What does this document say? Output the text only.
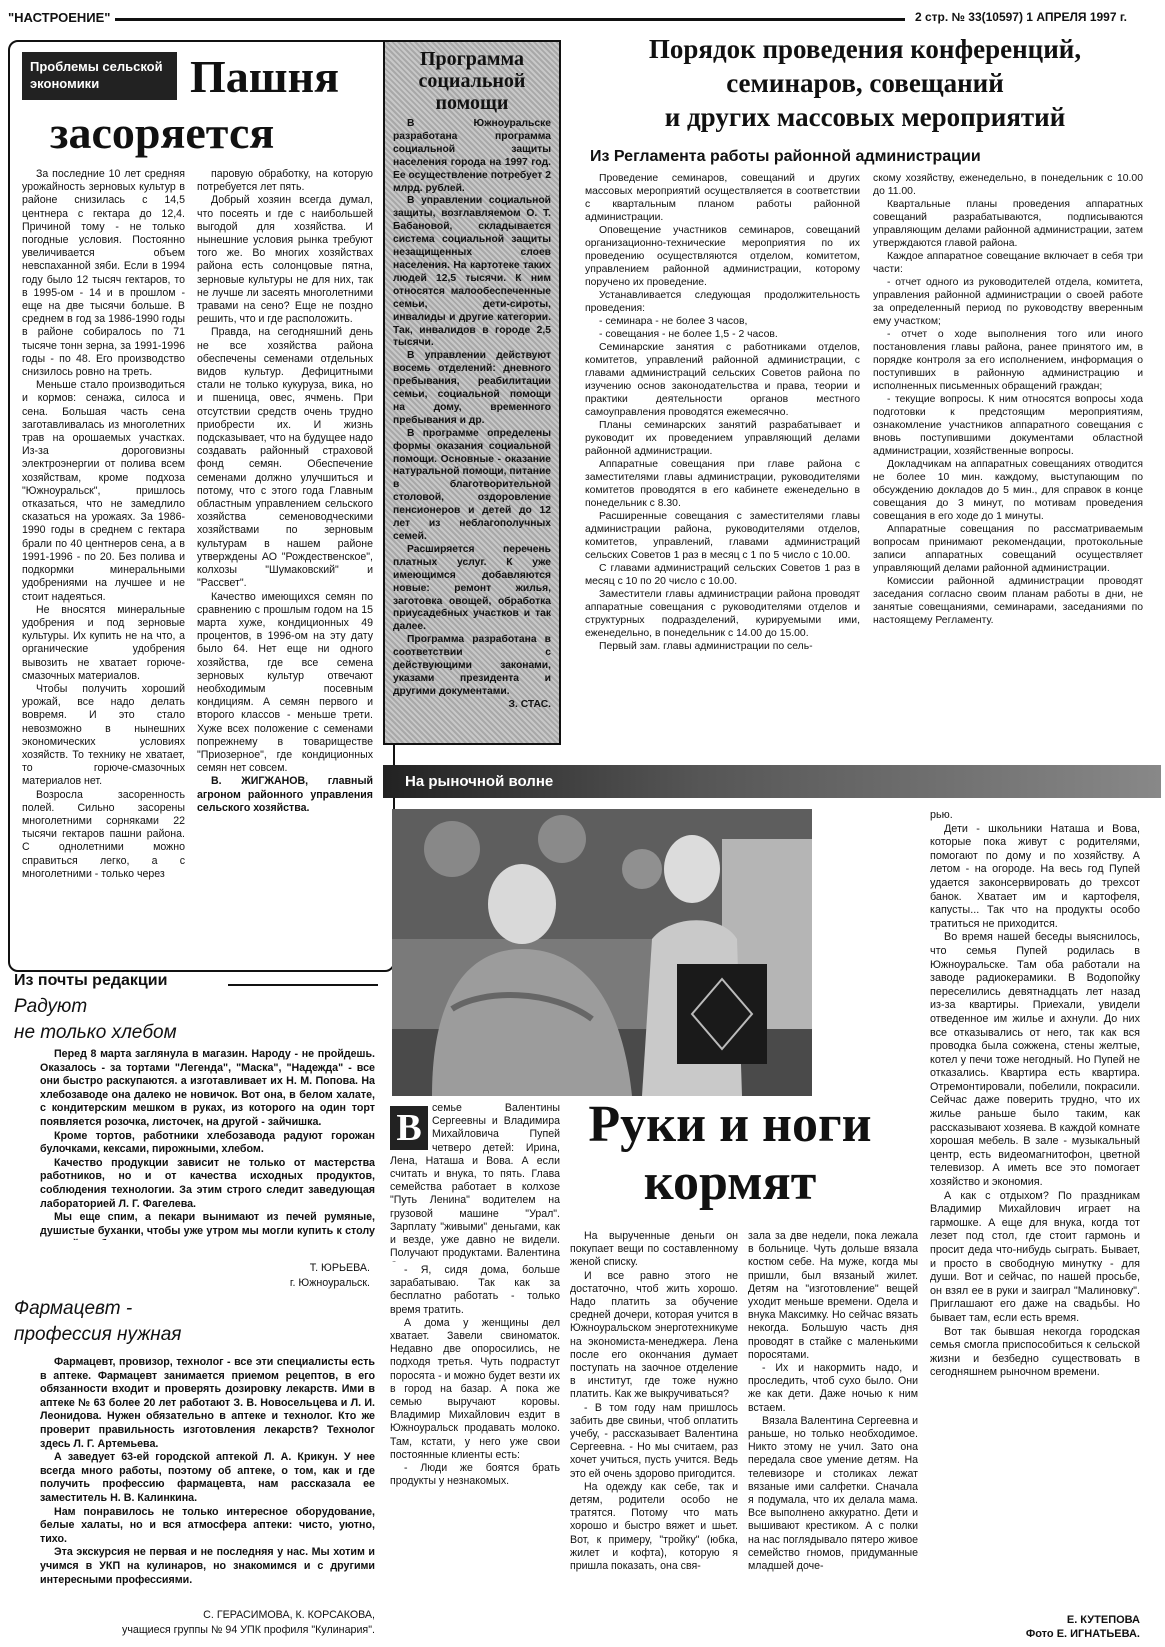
"НАСТРОЕНИЕ"	2 стр. № 33(10597) 1 АПРЕЛЯ 1997 г.
Проблемы сельской экономики	Пашня
засоряется

За последние 10 лет средняя урожайность зерновых культур в районе снизилась с 14,5 центнера с гектара до 12,4. Причиной тому - не только погодные условия. Постоянно увеличивается объем невспаханной зяби. Если в 1994 году было 12 тысяч гектаров, то в 1995-ом - 14 и в прошлом - еще на две тысячи больше. В среднем в год за 1986-1990 годы в районе собиралось по 71 тысяче тонн зерна, за 1991-1996 годы - по 48. Его производство снизилось ровно на треть.

Меньше стало производиться и кормов: сенажа, силоса и сена. Большая часть сена заготавливалась из многолетних трав на орошаемых участках. Из-за дороговизны электроэнергии от полива всем хозяйствам, кроме подхоза "Южноуральск", пришлось отказаться, что не замедлило сказаться на урожаях. За 1986-1990 годы в среднем с гектара брали по 40 центнеров сена, а в 1991-1996 - по 20. Без полива и подкормки минеральными удобрениями на лучшее и не стоит надеяться.

Не вносятся минеральные удобрения и под зерновые культуры. Их купить не на что, а органические удобрения вывозить не хватает горюче-смазочных материалов.

Чтобы получить хороший урожай, все надо делать вовремя. И это стало невозможно в нынешних экономических условиях хозяйств. То технику не хватает, то горюче-смазочных материалов нет.

Возросла засоренность полей. Сильно засорены многолетними сорняками 22 тысячи гектаров пашни района. С однолетними можно справиться легко, а с многолетними - только через

паровую обработку, на которую потребуется лет пять.

Добрый хозяин всегда думал, что посеять и где с наибольшей выгодой для хозяйства. И нынешние условия рынка требуют того же. Во многих хозяйствах района есть солонцовые пятна, зерновые культуры не для них, так не лучше ли засеять многолетними травами на сено? Еще не поздно решить, что и где расположить.

Правда, на сегодняшний день не все хозяйства района обеспечены семенами отдельных видов культур. Дефицитными стали не только кукуруза, вика, но и пшеница, овес, ячмень. При отсутствии средств очень трудно приобрести их. И жизнь подсказывает, что на будущее надо создавать районный страховой фонд семян. Обеспечение семенами должно улучшиться и потому, что с этого года Главным областным управлением сельского хозяйства семеноводческими хозяйствами по зерновым культурам в нашем районе утверждены АО "Рождественское", колхозы "Шумаковский" и "Рассвет".

Качество имеющихся семян по сравнению с прошлым годом на 15 марта хуже, кондиционных 49 процентов, в 1996-ом на эту дату было 64. Нет еще ни одного хозяйства, где все семена зерновых культур отвечают необходимым посевным кондициям. А семян первого и второго классов - меньше трети. Хуже всех положение с семенами попрежнему в товариществе "Приозерное", где кондиционных семян нет совсем.

В. ЖИГЖАНОВ, главный агроном районного управления сельского хозяйства.

Программа социальной помощи

В Южноуральске разработана программа социальной защиты населения города на 1997 год. Ее осуществление потребует 2 млрд. рублей.

В управлении социальной защиты, возглавляемом О. Т. Бабановой, складывается система социальной защиты незащищенных слоев населения. На картотеке таких людей 12,5 тысячи. К ним относятся малообеспеченные семьи, дети-сироты, инвалиды и другие категории. Так, инвалидов в городе 2,5 тысячи.

В управлении действуют восемь отделений: дневного пребывания, реабилитации семьи, социальной помощи на дому, временного пребывания и др.

В программе определены формы оказания социальной помощи. Основные - оказание натуральной помощи, питание в благотворительной столовой, оздоровление пенсионеров и детей до 12 лет из неблагополучных семей.

Расширяется перечень платных услуг. К уже имеющимся добавляются новые: ремонт жилья, заготовка овощей, обработка приусадебных участков и так далее.

Программа разработана в соответствии с действующими законами, указами президента и другими документами.

З. СТАС.

Порядок проведения конференций,
семинаров, совещаний
и других массовых мероприятий
Из Регламента работы районной администрации

Проведение семинаров, совещаний и других массовых мероприятий осуществляется в соответствии с квартальным планом работы районной администрации.

Оповещение участников семинаров, совещаний организационно-технические мероприятия по их проведению осуществляются отделом, комитетом, управлением районной администрации, которому поручено их проведение.

Устанавливается следующая продолжительность проведения:

- семинара - не более 3 часов,

- совещания - не более 1,5 - 2 часов.

Семинарские занятия с работниками отделов, комитетов, управлений районной администрации, с главами администраций сельских Советов района по изучению основ законодательства и права, теории и практики деятельности органов местного самоуправления проводятся ежемесячно.

Планы семинарских занятий разрабатывает и руководит их проведением управляющий делами районной администрации.

Аппаратные совещания при главе района с заместителями главы администрации, руководителями комитетов проводятся в его кабинете еженедельно в понедельник с 8.30.

Расширенные совещания с заместителями главы администрации района, руководителями отделов, комитетов, управлений, главами администраций сельских Советов 1 раз в месяц с 1 по 5 число с 10.00.

С главами администраций сельских Советов 1 раз в месяц с 10 по 20 число с 10.00.

Заместители главы администрации района проводят аппаратные совещания с руководителями отделов и структурных подразделений, курируемыми ими, еженедельно, в понедельник с 14.00 до 15.00.

Первый зам. главы администрации по сель-

скому хозяйству, еженедельно, в понедельник с 10.00 до 11.00.

Квартальные планы проведения аппаратных совещаний разрабатываются, подписываются управляющим делами районной администрации, затем утверждаются главой района.

Каждое аппаратное совещание включает в себя три части:

- отчет одного из руководителей отдела, комитета, управления районной администрации о своей работе за определенный период по руководству вверенным ему участком;

- отчет о ходе выполнения того или иного постановления главы района, ранее принятого им, в порядке контроля за его исполнением, информация о поступивших в районную администрацию и исполненных письменных обращений граждан;

- текущие вопросы. К ним относятся вопросы хода подготовки к предстоящим мероприятиям, ознакомление участников аппаратного совещания с вновь поступившими документами областной администрации, хозяйственные вопросы.

Докладчикам на аппаратных совещаниях отводится не более 10 мин. каждому, выступающим по обсуждению докладов до 5 мин., для справок в конце совещания до 3 минут, по мотивам проведения совещания в его ходе до 1 минуты.

Аппаратные совещания по рассматриваемым вопросам принимают рекомендации, протокольные записи аппаратных совещаний осуществляет управляющий делами районной администрации.

Комиссии районной администрации проводят заседания согласно своим планам работы в дни, не занятые совещаниями, семинарами, заседаниями по настоящему Регламенту.

На рыночной волне
Руки и ноги
кормят
В семье Валентины Сергеевны и Владимира Михайловича Пупей четверо детей: Ирина, Лена, Наташа и Вова. А если считать и внука, то пять. Глава семейства работает в колхозе "Путь Ленина" водителем на грузовой машине "Урал". Зарплату "живыми" деньгами, как и везде, уже давно не видели. Получают продуктами. Валентина

- Я, сидя дома, больше зарабатываю. Так как за бесплатно работать - только время тратить.

А дома у женщины дел хватает. Завели свиноматок. Недавно две опоросились, не подходя третья. Чуть подрастут поросята - и можно будет везти их в город на базар. А пока же семью выручают коровы. Владимир Михайлович ездит в Южноуральск продавать молоко. Там, кстати, у него уже свои постоянные клиенты есть:

- Люди же боятся брать продукты у незнакомых.

На вырученные деньги он покупает вещи по составленному женой списку.

И все равно этого не достаточно, чтоб жить хорошо. Надо платить за обучение средней дочери, которая учится в Южноуральском энерготехникуме на экономиста-менеджера. Лена после его окончания думает поступать на заочное отделение в институт, где тоже нужно платить. Как же выкручиваться?

- В том году нам пришлось забить две свиньи, чтоб оплатить учебу, - рассказывает Валентина Сергеевна. - Но мы считаем, раз хочет учиться, пусть учится. Ведь это ей очень здорово пригодится.

На одежду как себе, так и детям, родители особо не тратятся. Потому что мать хорошо и быстро вяжет и шьет. Вот, к примеру, "тройку" (юбка, жилет и кофта), которую я пришла показать, она свя-

зала за две недели, пока лежала в больнице. Чуть дольше вязала костюм себе. На муже, когда мы пришли, был вязаный жилет. Детям на "изготовление" вещей уходит меньше времени. Одела и внука Максимку. Но сейчас вязать некогда. Большую часть дня проводят в стайке с маленькими поросятами.

- Их и накормить надо, и проследить, чтоб сухо было. Они же как дети. Даже ночью к ним встаем.

Вязала Валентина Сергеевна и раньше, но только необходимое. Никто этому не учил. Зато она передала свое умение детям. На телевизоре и столиках лежат вязаные ими салфетки. Сначала я подумала, что их делала мама. Все выполнено аккуратно. Дети и вышивают крестиком. А с полки на нас поглядывало пятеро живое семейство гномов, придуманные младшей доче-

рью.

Дети - школьники Наташа и Вова, которые пока живут с родителями, помогают по дому и по хозяйству. А летом - на огороде. На весь год Пупей удается законсервировать до трехсот банок. Хватает им и картофеля, капусты... Так что на продукты особо тратиться не приходится.

Во время нашей беседы выяснилось, что семья Пупей родилась в Южноуральске. Там оба работали на заводе радиокерамики. В Водопойку переселились девятнадцать лет назад из-за квартиры. Приехали, увидели отведенное им жилье и ахнули. До них все отказывались от него, так как вся проводка была сожжена, стены желтые, котел у печи тоже негодный. Но Пупей не отказались. Квартира есть квартира. Отремонтировали, побелили, покрасили. Сейчас даже поверить трудно, что их жилье раньше было таким, как рассказывают хозяева. В каждой комнате хорошая мебель. В зале - музыкальный центр, есть видеомагнитофон, цветной телевизор. А иметь все это помогает хозяйство и экономия.

А как с отдыхом? По праздникам Владимир Михайлович играет на гармошке. А еще для внука, когда тот лезет под стол, где стоит гармонь и просит деда что-нибудь сыграть. Бывает, и просто в свободную минутку - для души. Вот и сейчас, по нашей просьбе, он взял ее в руки и заиграл "Малиновку". Приглашают его даже на свадьбы. Но бывает там, если есть время.

Вот так бывшая некогда городская семья смогла приспособиться к сельской жизни и безбедно существовать в сегодняшнем рыночном времени.

Е. КУТЕПОВА
Фото Е. ИГНАТЬЕВА.
Из почты редакции
Радуют
не только хлебом

Перед 8 марта заглянула в магазин. Народу - не пройдешь. Оказалось - за тортами "Легенда", "Маска", "Надежда" - все они быстро раскупаются. а изготавливает их Н. М. Попова. На хлебозаводе она далеко не новичок. Вот она, в белом халате, с кондитерским мешком в руках, из которого на один торт появляется розочка, листочек, на другой - зайчишка.

Кроме тортов, работники хлебозавода радуют горожан булочками, кексами, пирожными, хлебом.

Качество продукции зависит не только от мастерства работников, но и от качества исходных продуктов, соблюдения технологии. За этим строго следит заведующая лабораторией Л. Г. Фагелева.

Мы еще спим, а пекари вынимают из печей румяные, душистые буханки, чтобы уже утром мы могли купить к столу

Т. ЮРЬЕВА.
г. Южноуральск.
Фармацевт -
профессия нужная

Фармацевт, провизор, технолог - все эти специалисты есть в аптеке. Фармацевт занимается приемом рецептов, в его обязанности входит и проверять дозировку лекарств. Ими в аптеке № 63 более 20 лет работают З. В. Новосельцева и Л. И. Леонидова. Нужен обязательно в аптеке и технолог. Кто же проверит правильность изготовления лекарств? Технолог здесь Л. Г. Артемьева.

А заведует 63-ей городской аптекой Л. А. Крикун. У нее всегда много работы, поэтому об аптеке, о том, как и где получить профессию фармацевта, нам рассказала ее заместитель Н. В. Калинкина.

Нам понравилось не только интересное оборудование, белые халаты, но и вся атмосфера аптеки: чисто, уютно, тихо.

Эта экскурсия не первая и не последняя у нас. Мы хотим и учимся в УКП на кулинаров, но знакомимся и с другими интересными профессиями.

С. ГЕРАСИМОВА, К. КОРСАКОВА,
учащиеся группы № 94 УПК профиля "Кулинария".
